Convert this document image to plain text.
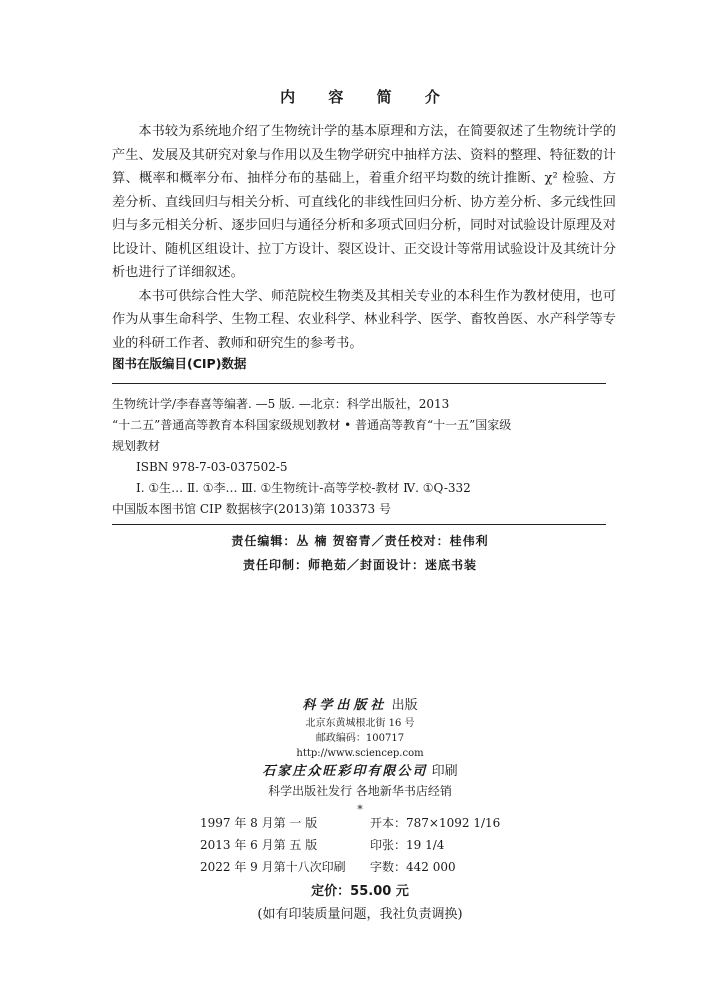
内 容 简 介

本书较为系统地介绍了生物统计学的基本原理和方法，在简要叙述了生物统计学的产生、发展及其研究对象与作用以及生物学研究中抽样方法、资料的整理、特征数的计算、概率和概率分布、抽样分布的基础上，着重介绍平均数的统计推断、χ² 检验、方差分析、直线回归与相关分析、可直线化的非线性回归分析、协方差分析、多元线性回归与多元相关分析、逐步回归与通径分析和多项式回归分析，同时对试验设计原理及对比设计、随机区组设计、拉丁方设计、裂区设计、正交设计等常用试验设计及其统计分析也进行了详细叙述。

本书可供综合性大学、师范院校生物类及其相关专业的本科生作为教材使用，也可作为从事生命科学、生物工程、农业科学、林业科学、医学、畜牧兽医、水产科学等专业的科研工作者、教师和研究生的参考书。

图书在版编目(CIP)数据
生物统计学/李春喜等编著. —5 版. —北京：科学出版社，2013
“十二五”普通高等教育本科国家级规划教材 • 普通高等教育“十一五”国家级
规划教材
ISBN 978-7-03-037502-5
Ⅰ. ①生… Ⅱ. ①李… Ⅲ. ①生物统计-高等学校-教材 Ⅳ. ①Q-332
中国版本图书馆 CIP 数据核字(2013)第 103373 号
责任编辑：丛 楠 贺窑青／责任校对：桂伟利
责任印制：师艳茹／封面设计：迷底书装
科学出版社 出版
北京东黄城根北街 16 号
邮政编码：100717
http://www.sciencep.com
石家庄众旺彩印有限公司 印刷
科学出版社发行 各地新华书店经销
*
1997 年 8 月第 一 版	开本：787×1092 1/16
2013 年 6 月第 五 版	印张：19 1/4
2022 年 9 月第十八次印刷	字数：442 000
定价：55.00 元
(如有印装质量问题，我社负责调换)
